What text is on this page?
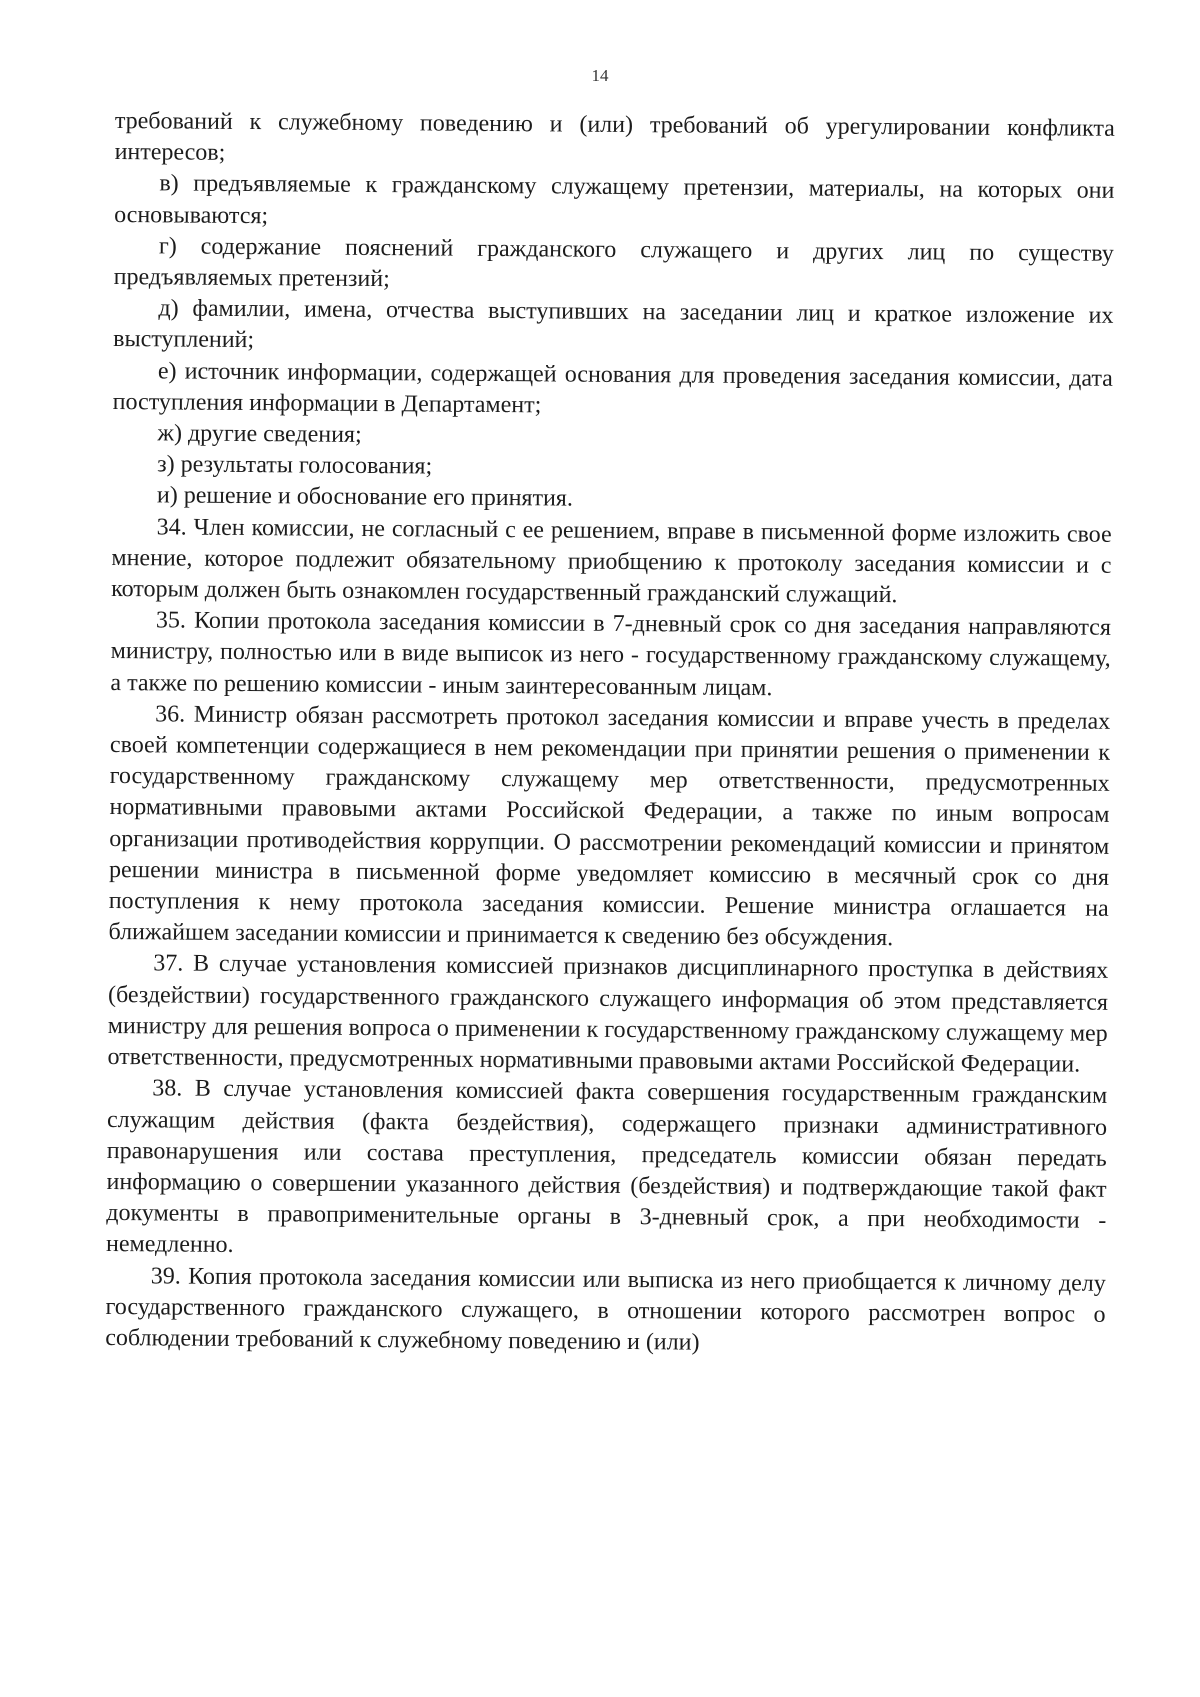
14

требований к служебному поведению и (или) требований об урегулировании конфликта интересов;

в) предъявляемые к гражданскому служащему претензии, материалы, на которых они основываются;

г) содержание пояснений гражданского служащего и других лиц по существу предъявляемых претензий;

д) фамилии, имена, отчества выступивших на заседании лиц и краткое изложение их выступлений;

е) источник информации, содержащей основания для проведения заседания комиссии, дата поступления информации в Департамент;

ж) другие сведения;

з) результаты голосования;

и) решение и обоснование его принятия.

34. Член комиссии, не согласный с ее решением, вправе в письменной форме изложить свое мнение, которое подлежит обязательному приобщению к протоколу заседания комиссии и с которым должен быть ознакомлен государственный гражданский служащий.

35. Копии протокола заседания комиссии в 7-дневный срок со дня заседания направляются министру, полностью или в виде выписок из него - государственному гражданскому служащему, а также по решению комиссии - иным заинтересованным лицам.

36. Министр обязан рассмотреть протокол заседания комиссии и вправе учесть в пределах своей компетенции содержащиеся в нем рекомендации при принятии решения о применении к государственному гражданскому служащему мер ответственности, предусмотренных нормативными правовыми актами Российской Федерации, а также по иным вопросам организации противодействия коррупции. О рассмотрении рекомендаций комиссии и принятом решении министра в письменной форме уведомляет комиссию в месячный срок со дня поступления к нему протокола заседания комиссии. Решение министра оглашается на ближайшем заседании комиссии и принимается к сведению без обсуждения.

37. В случае установления комиссией признаков дисциплинарного проступка в действиях (бездействии) государственного гражданского служащего информация об этом представляется министру для решения вопроса о применении к государственному гражданскому служащему мер ответственности, предусмотренных нормативными правовыми актами Российской Федерации.

38. В случае установления комиссией факта совершения государственным гражданским служащим действия (факта бездействия), содержащего признаки административного правонарушения или состава преступления, председатель комиссии обязан передать информацию о совершении указанного действия (бездействия) и подтверждающие такой факт документы в правоприменительные органы в 3-дневный срок, а при необходимости - немедленно.

39. Копия протокола заседания комиссии или выписка из него приобщается к личному делу государственного гражданского служащего, в отношении которого рассмотрен вопрос о соблюдении требований к служебному поведению и (или)
